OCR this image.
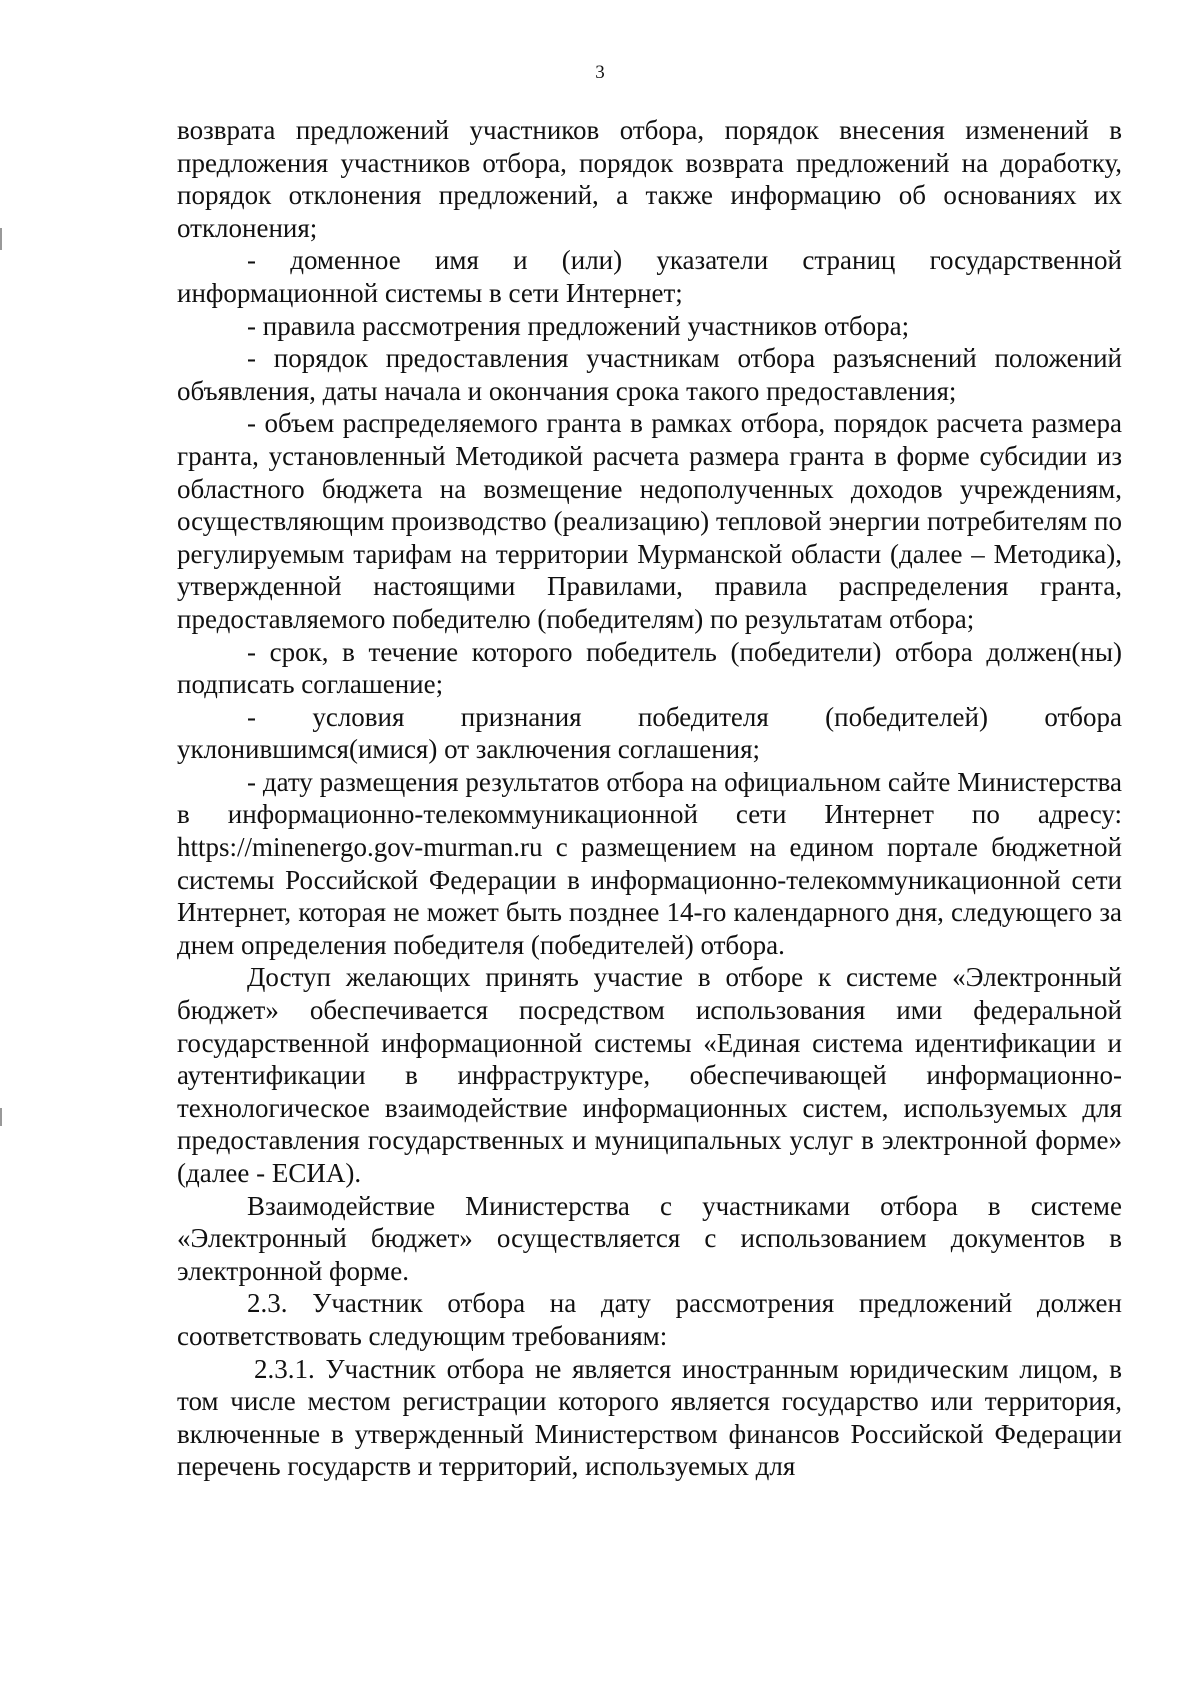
3

возврата предложений участников отбора, порядок внесения изменений в предложения участников отбора, порядок возврата предложений на доработку, порядок отклонения предложений, а также информацию об основаниях их отклонения;

- доменное имя и (или) указатели страниц государственной информационной системы в сети Интернет;

- правила рассмотрения предложений участников отбора;

- порядок предоставления участникам отбора разъяснений положений объявления, даты начала и окончания срока такого предоставления;

- объем распределяемого гранта в рамках отбора, порядок расчета размера гранта, установленный Методикой расчета размера гранта в форме субсидии из областного бюджета на возмещение недополученных доходов учреждениям, осуществляющим производство (реализацию) тепловой энергии потребителям по регулируемым тарифам на территории Мурманской области (далее – Методика), утвержденной настоящими Правилами, правила распределения гранта, предоставляемого победителю (победителям) по результатам отбора;

- срок, в течение которого победитель (победители) отбора должен(ны) подписать соглашение;

- условия признания победителя (победителей) отбора уклонившимся(имися) от заключения соглашения;

- дату размещения результатов отбора на официальном сайте Министерства в информационно-телекоммуникационной сети Интернет по адресу: https://minenergo.gov-murman.ru с размещением на едином портале бюджетной системы Российской Федерации в информационно-телекоммуникационной сети Интернет, которая не может быть позднее 14-го календарного дня, следующего за днем определения победителя (победителей) отбора.

Доступ желающих принять участие в отборе к системе «Электронный бюджет» обеспечивается посредством использования ими федеральной государственной информационной системы «Единая система идентификации и аутентификации в инфраструктуре, обеспечивающей информационно-технологическое взаимодействие информационных систем, используемых для предоставления государственных и муниципальных услуг в электронной форме» (далее - ЕСИА).

Взаимодействие Министерства с участниками отбора в системе «Электронный бюджет» осуществляется с использованием документов в электронной форме.

2.3. Участник отбора на дату рассмотрения предложений должен соответствовать следующим требованиям:

2.3.1. Участник отбора не является иностранным юридическим лицом, в том числе местом регистрации которого является государство или территория, включенные в утвержденный Министерством финансов Российской Федерации перечень государств и территорий, используемых для
